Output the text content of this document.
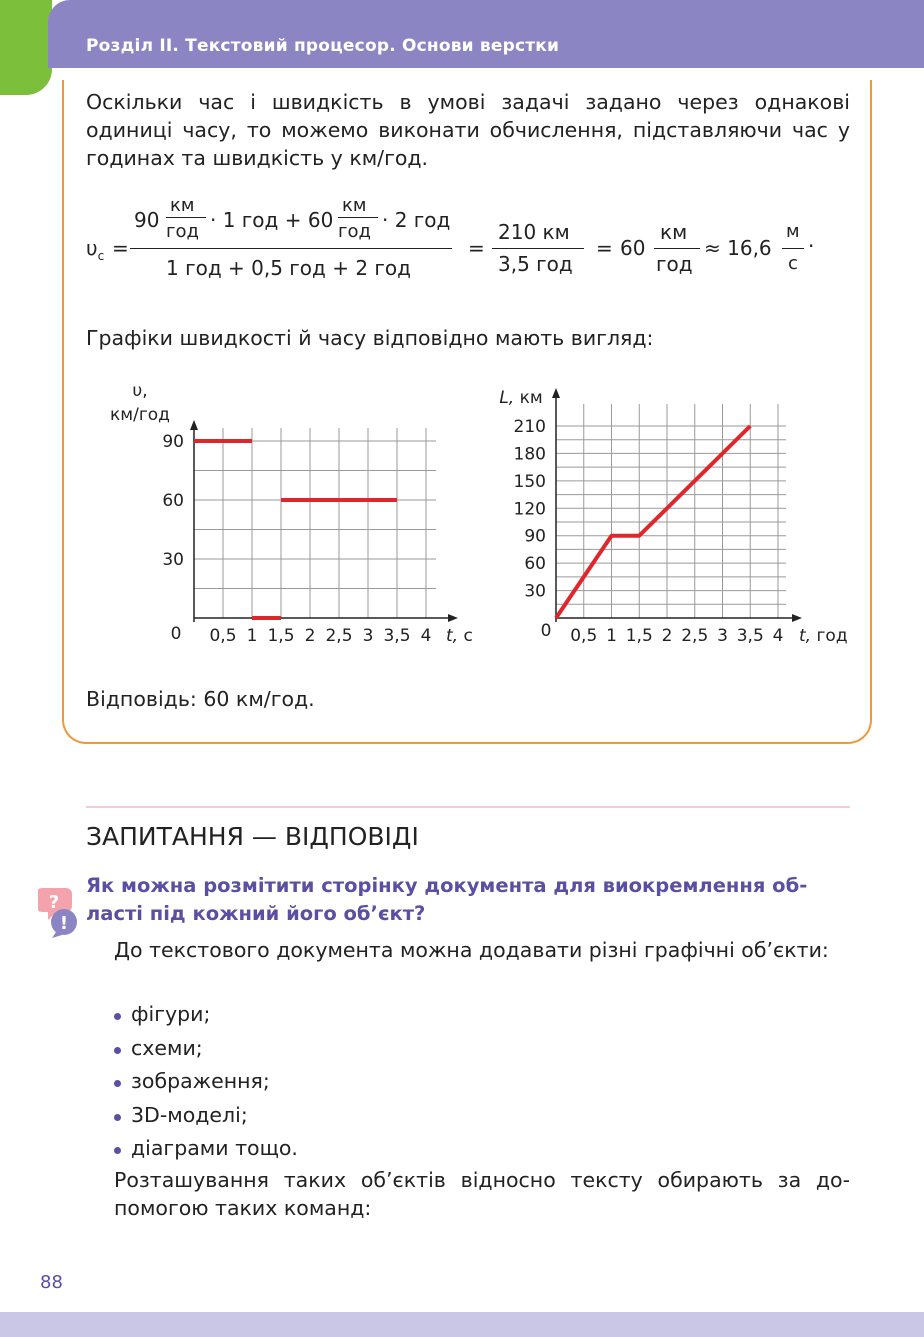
Розділ ІІ. Текстовий процесор. Основи верстки
Оскільки час і швидкість в умові задачі задано через однакові одиниці часу, то можемо виконати обчислення, підставляючи час у годинах та швидкість у км/год.
$\upsilon_с$ =
90
км
год · 1 год + 60
км
год · 2 год
1 год + 0,5 год + 2 год
=
210 км
3,5 год
= 60
км
год
≈ 16,6
м
с
·
Графіки швидкості й часу відповідно мають вигляд:
0,5 1 1,5 2 2,5 3 3,5 4
30
60
90
0	t, с
υ,
км/год
0,5 1 1,5 2 2,5 3 3,5 4
30
60
90
120
150
180
210
0	t, год
L, км
Відповідь: 60 км/год.
ЗАПИТАННЯ — ВІДПОВІДІ
?
!
Як можна розмітити сторінку документа для виокремлення об-
ласті під кожний його об’єкт?
До текстового документа можна додавати різні графічні об’єкти:
фігури;
схеми;
зображення;
3D-моделі;
діаграми тощо.
Розташування таких об’єктів відносно тексту обирають за до-помогою таких команд:
88
